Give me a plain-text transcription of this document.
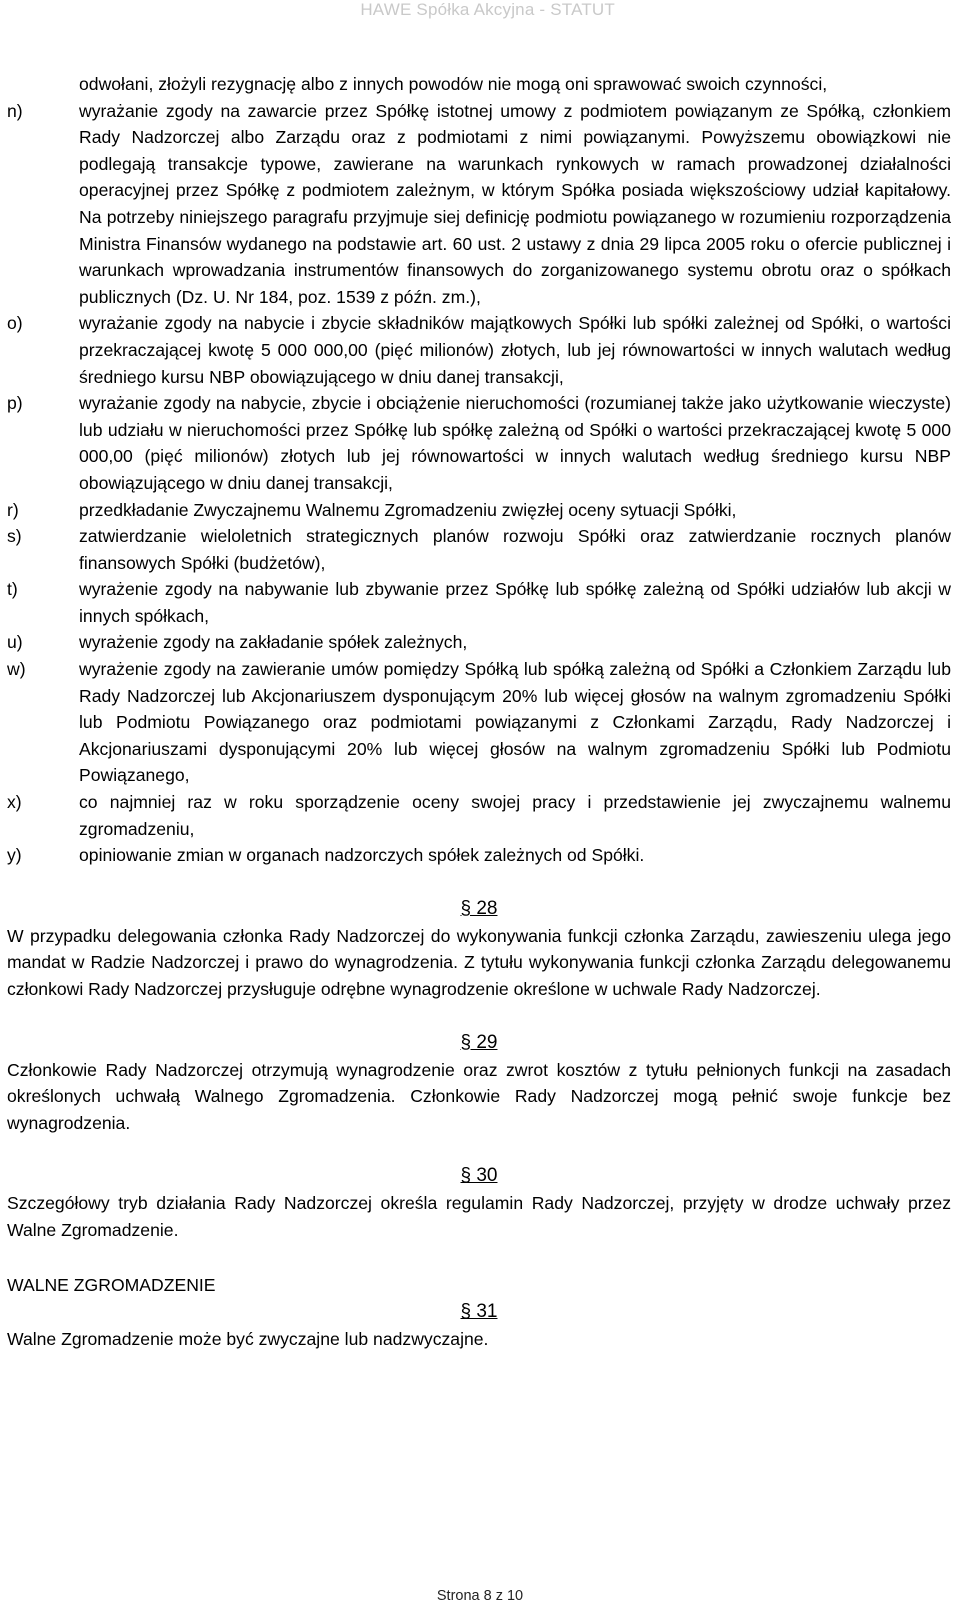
HAWE Spółka Akcyjna - STATUT
odwołani, złożyli rezygnację albo z innych powodów nie mogą oni sprawować swoich czynności,
n)	wyrażanie zgody na zawarcie przez Spółkę istotnej umowy z podmiotem powiązanym ze Spółką, członkiem Rady Nadzorczej albo Zarządu oraz z podmiotami z nimi powiązanymi. Powyższemu obowiązkowi nie podlegają transakcje typowe, zawierane na warunkach rynkowych w ramach prowadzonej działalności operacyjnej przez Spółkę z podmiotem zależnym, w którym Spółka posiada większościowy udział kapitałowy. Na potrzeby niniejszego paragrafu przyjmuje siej definicję podmiotu powiązanego w rozumieniu rozporządzenia Ministra Finansów wydanego na podstawie art. 60 ust. 2 ustawy z dnia 29 lipca 2005 roku o ofercie publicznej i warunkach wprowadzania instrumentów finansowych do zorganizowanego systemu obrotu oraz o spółkach publicznych (Dz. U. Nr 184, poz. 1539 z późn. zm.),
o)	wyrażanie zgody na nabycie i zbycie składników majątkowych Spółki lub spółki zależnej od Spółki, o wartości przekraczającej kwotę 5 000 000,00 (pięć milionów) złotych, lub jej równowartości w innych walutach według średniego kursu NBP obowiązującego w dniu danej transakcji,
p)	wyrażanie zgody na nabycie, zbycie i obciążenie nieruchomości (rozumianej także jako użytkowanie wieczyste) lub udziału w nieruchomości przez Spółkę lub spółkę zależną od Spółki o wartości przekraczającej kwotę 5 000 000,00 (pięć milionów) złotych lub jej równowartości w innych walutach według średniego kursu NBP obowiązującego w dniu danej transakcji,
r)	przedkładanie Zwyczajnemu Walnemu Zgromadzeniu zwięzłej oceny sytuacji Spółki,
s)	zatwierdzanie wieloletnich strategicznych planów rozwoju Spółki oraz zatwierdzanie rocznych planów finansowych Spółki (budżetów),
t)	wyrażenie zgody na nabywanie lub zbywanie przez Spółkę lub spółkę zależną od Spółki udziałów lub akcji w innych spółkach,
u)	wyrażenie zgody na zakładanie spółek zależnych,
w)	wyrażenie zgody na zawieranie umów pomiędzy Spółką lub spółką zależną od Spółki a Członkiem Zarządu lub Rady Nadzorczej lub Akcjonariuszem dysponującym 20% lub więcej głosów na walnym zgromadzeniu Spółki lub Podmiotu Powiązanego oraz podmiotami powiązanymi z Członkami Zarządu, Rady Nadzorczej i Akcjonariuszami dysponującymi 20% lub więcej głosów na walnym zgromadzeniu Spółki lub Podmiotu Powiązanego,
x)	co najmniej raz w roku sporządzenie oceny swojej pracy i przedstawienie jej zwyczajnemu walnemu zgromadzeniu,
y)	opiniowanie zmian w organach nadzorczych spółek zależnych od Spółki.
§ 28
W przypadku delegowania członka Rady Nadzorczej do wykonywania funkcji członka Zarządu, zawieszeniu ulega jego mandat w Radzie Nadzorczej i prawo do wynagrodzenia. Z tytułu wykonywania funkcji członka Zarządu delegowanemu członkowi Rady Nadzorczej przysługuje odrębne wynagrodzenie określone w uchwale Rady Nadzorczej.
§ 29
Członkowie Rady Nadzorczej otrzymują wynagrodzenie oraz zwrot kosztów z tytułu pełnionych funkcji na zasadach określonych uchwałą Walnego Zgromadzenia. Członkowie Rady Nadzorczej mogą pełnić swoje funkcje bez wynagrodzenia.
§ 30
Szczegółowy tryb działania Rady Nadzorczej określa regulamin Rady Nadzorczej, przyjęty w drodze uchwały przez Walne Zgromadzenie.
WALNE ZGROMADZENIE
§ 31
Walne Zgromadzenie może być zwyczajne lub nadzwyczajne.
Strona 8 z 10
